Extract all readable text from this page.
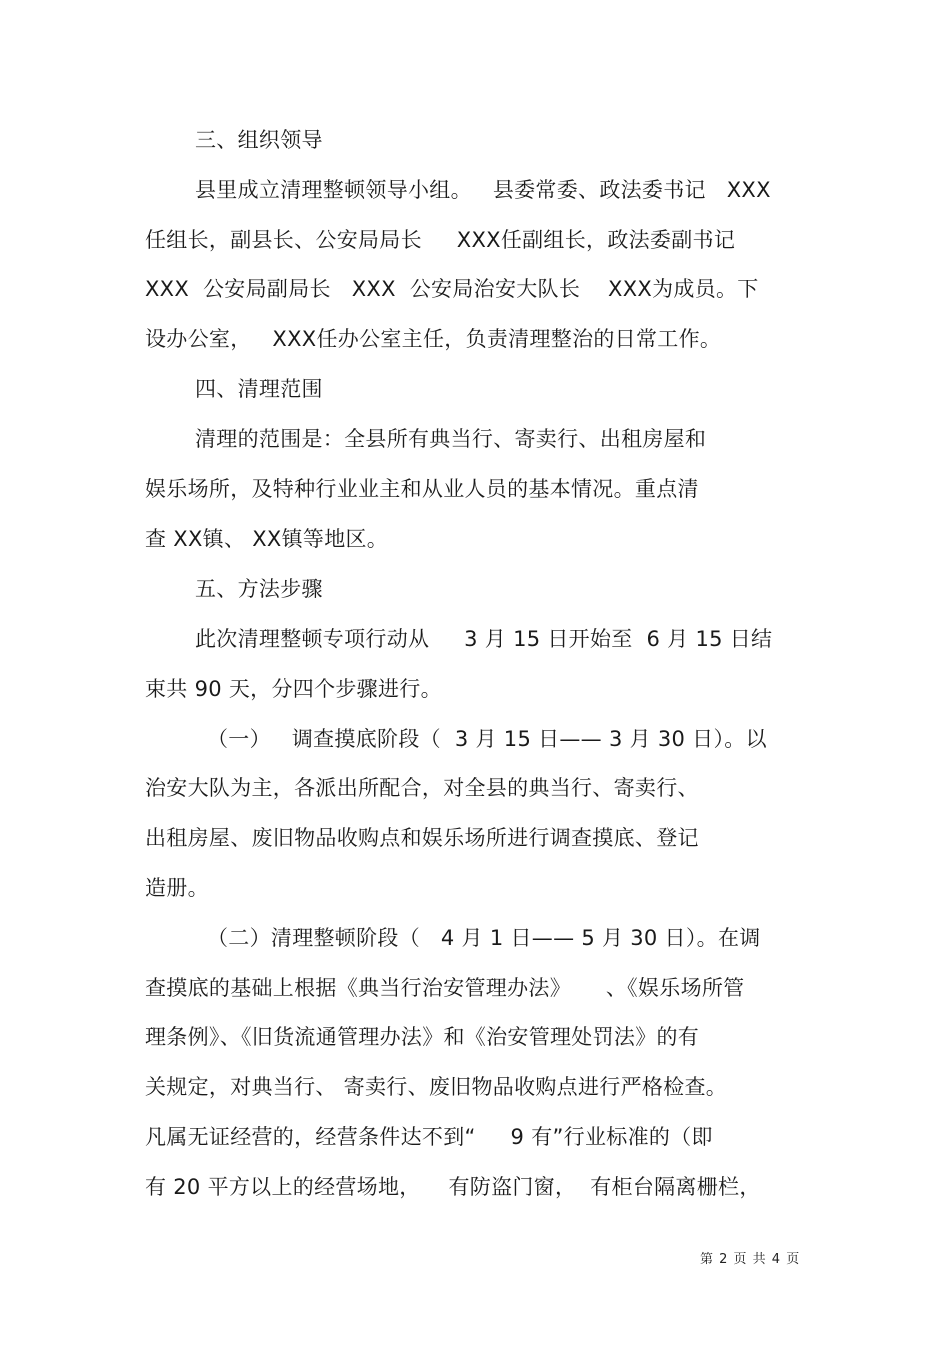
三、组织领导
县里成立清理整顿领导小组。   县委常委、政法委书记   XXX
任组长，副县长、公安局局长     XXX任副组长，政法委副书记
XXX  公安局副局长   XXX  公安局治安大队长    XXX为成员。下
设办公室，   XXX任办公室主任，负责清理整治的日常工作。
四、清理范围
清理的范围是：全县所有典当行、寄卖行、出租房屋和
娱乐场所，及特种行业业主和从业人员的基本情况。重点清
查 XX镇、 XX镇等地区。
五、方法步骤
此次清理整顿专项行动从     3 月 15 日开始至  6 月 15 日结
束共 90 天，分四个步骤进行。
（一）   调查摸底阶段（  3 月 15 日—— 3 月 30 日）。以
治安大队为主，各派出所配合，对全县的典当行、寄卖行、
出租房屋、废旧物品收购点和娱乐场所进行调查摸底、登记
造册。
（二）清理整顿阶段（   4 月 1 日—— 5 月 30 日）。在调
查摸底的基础上根据《典当行治安管理办法》     、《娱乐场所管
理条例》、《旧货流通管理办法》和《治安管理处罚法》的有
关规定，对典当行、 寄卖行、废旧物品收购点进行严格检查。
凡属无证经营的，经营条件达不到“     9 有”行业标准的（即
有 20 平方以上的经营场地，    有防盗门窗，  有柜台隔离栅栏，
第 2 页 共 4 页
